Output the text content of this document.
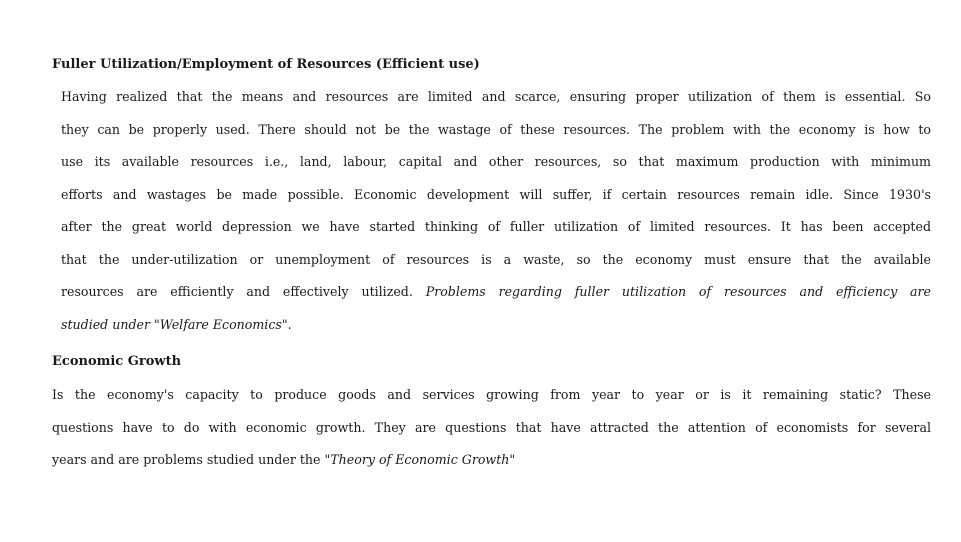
Fuller Utilization/Employment of Resources (Efficient use)
Having realized that the means and resources are limited and scarce, ensuring proper utilization of them is essential. So
they can be properly used. There should not be the wastage of these resources. The problem with the economy is how to
use its available resources i.e., land, labour, capital and other resources, so that maximum production with minimum
efforts and wastages be made possible. Economic development will suffer, if certain resources remain idle. Since 1930's
after the great world depression we have started thinking of fuller utilization of limited resources. It has been accepted
that the under-utilization or unemployment of resources is a waste, so the economy must ensure that the available
resources are efficiently and effectively utilized. Problems regarding fuller utilization of resources and efficiency are
studied under "Welfare Economics".
Economic Growth
Is the economy's capacity to produce goods and services growing from year to year or is it remaining static? These
questions have to do with economic growth. They are questions that have attracted the attention of economists for several
years and are problems studied under the "Theory of Economic Growth"
